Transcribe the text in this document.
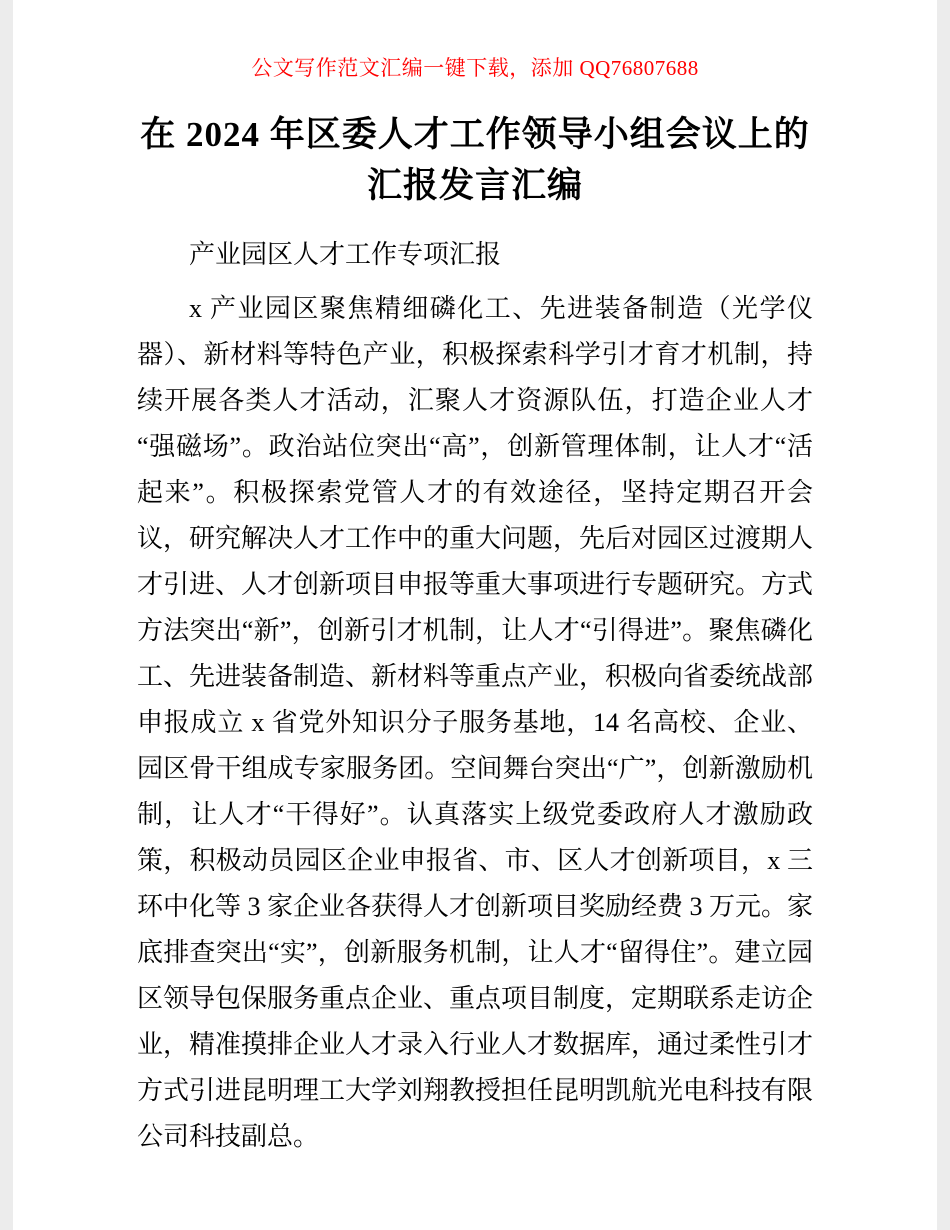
公文写作范文汇编一键下载，添加 QQ76807688
在 2024 年区委人才工作领导小组会议上的汇报发言汇编

产业园区人才工作专项汇报

x 产业园区聚焦精细磷化工、先进装备制造（光学仪器）、新材料等特色产业，积极探索科学引才育才机制，持续开展各类人才活动，汇聚人才资源队伍，打造企业人才“强磁场”。政治站位突出“高”，创新管理体制，让人才“活起来”。积极探索党管人才的有效途径，坚持定期召开会议，研究解决人才工作中的重大问题，先后对园区过渡期人才引进、人才创新项目申报等重大事项进行专题研究。方式方法突出“新”，创新引才机制，让人才“引得进”。聚焦磷化工、先进装备制造、新材料等重点产业，积极向省委统战部申报成立 x 省党外知识分子服务基地，14 名高校、企业、园区骨干组成专家服务团。空间舞台突出“广”，创新激励机制，让人才“干得好”。认真落实上级党委政府人才激励政策，积极动员园区企业申报省、市、区人才创新项目，x 三环中化等 3 家企业各获得人才创新项目奖励经费 3 万元。家底排查突出“实”，创新服务机制，让人才“留得住”。建立园区领导包保服务重点企业、重点项目制度，定期联系走访企业，精准摸排企业人才录入行业人才数据库，通过柔性引才方式引进昆明理工大学刘翔教授担任昆明凯航光电科技有限公司科技副总。
